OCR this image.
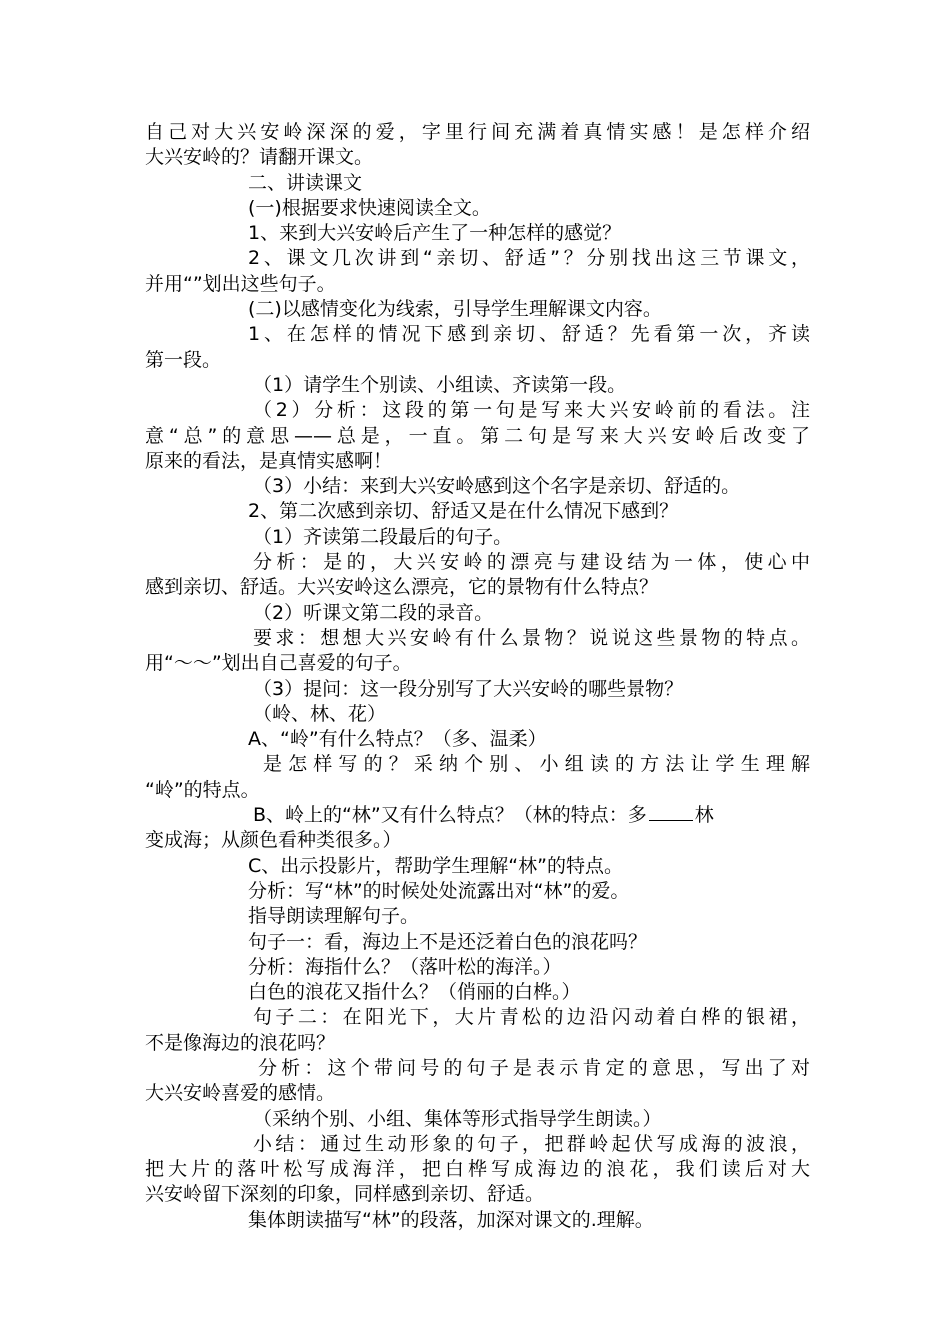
自己对大兴安岭深深的爱，字里行间充满着真情实感！是怎样介绍
大兴安岭的？请翻开课文。
二、讲读课文
(一)根据要求快速阅读全文。
1、来到大兴安岭后产生了一种怎样的感觉？
2、课文几次讲到“亲切、舒适”？分别找出这三节课文，
并用“”划出这些句子。
(二)以感情变化为线索，引导学生理解课文内容。
1、在怎样的情况下感到亲切、舒适？先看第一次，齐读
第一段。
（1）请学生个别读、小组读、齐读第一段。
（2）分析：这段的第一句是写来大兴安岭前的看法。注
意“总”的意思——总是，一直。第二句是写来大兴安岭后改变了
原来的看法，是真情实感啊！
（3）小结：来到大兴安岭感到这个名字是亲切、舒适的。
2、第二次感到亲切、舒适又是在什么情况下感到？
（1）齐读第二段最后的句子。
分析：是的，大兴安岭的漂亮与建设结为一体，使心中
感到亲切、舒适。大兴安岭这么漂亮，它的景物有什么特点？
（2）听课文第二段的录音。
要求：想想大兴安岭有什么景物？说说这些景物的特点。
用“～～”划出自己喜爱的句子。
（3）提问：这一段分别写了大兴安岭的哪些景物？
（岭、林、花）
A、“岭”有什么特点？（多、温柔）
是怎样写的？采纳个别、小组读的方法让学生理解
“岭”的特点。
B、岭上的“林”又有什么特点？（林的特点：多	林
变成海；从颜色看种类很多。）
C、出示投影片，帮助学生理解“林”的特点。
分析：写“林”的时候处处流露出对“林”的爱。
指导朗读理解句子。
句子一：看，海边上不是还泛着白色的浪花吗？
分析：海指什么？（落叶松的海洋。）
白色的浪花又指什么？（俏丽的白桦。）
句子二：在阳光下，大片青松的边沿闪动着白桦的银裙，
不是像海边的浪花吗？
分析：这个带问号的句子是表示肯定的意思，写出了对
大兴安岭喜爱的感情。
（采纳个别、小组、集体等形式指导学生朗读。）
小结：通过生动形象的句子，把群岭起伏写成海的波浪，
把大片的落叶松写成海洋，把白桦写成海边的浪花，我们读后对大
兴安岭留下深刻的印象，同样感到亲切、舒适。
集体朗读描写“林”的段落，加深对课文的.理解。
